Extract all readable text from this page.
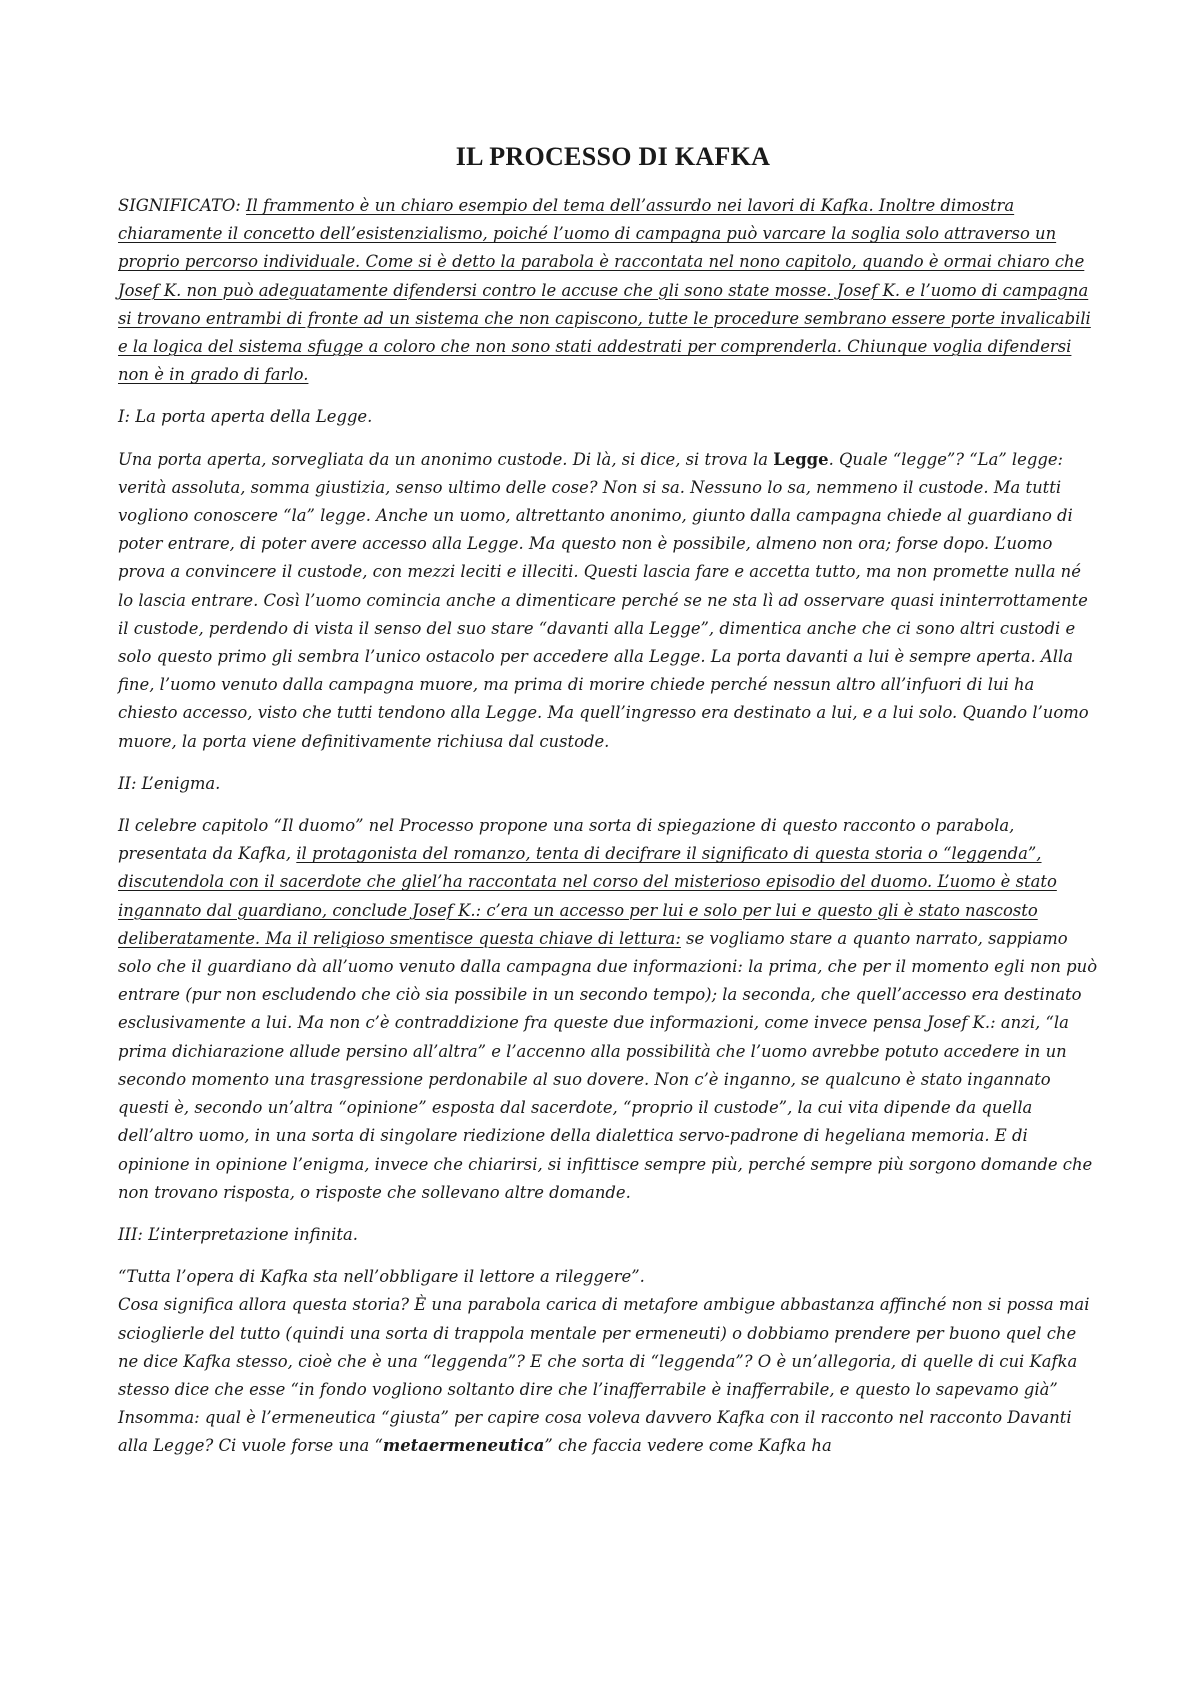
IL PROCESSO DI KAFKA

SIGNIFICATO: Il frammento è un chiaro esempio del tema dell’assurdo nei lavori di Kafka. Inoltre dimostra chiaramente il concetto dell’esistenzialismo, poiché l’uomo di campagna può varcare la soglia solo attraverso un proprio percorso individuale. Come si è detto la parabola è raccontata nel nono capitolo, quando è ormai chiaro che Josef K. non può adeguatamente difendersi contro le accuse che gli sono state mosse. Josef K. e l’uomo di campagna si trovano entrambi di fronte ad un sistema che non capiscono, tutte le procedure sembrano essere porte invalicabili e la logica del sistema sfugge a coloro che non sono stati addestrati per comprenderla. Chiunque voglia difendersi non è in grado di farlo.

I: La porta aperta della Legge.

Una porta aperta, sorvegliata da un anonimo custode. Di là, si dice, si trova la Legge. Quale “legge”? “La” legge: verità assoluta, somma giustizia, senso ultimo delle cose? Non si sa. Nessuno lo sa, nemmeno il custode. Ma tutti vogliono conoscere “la” legge. Anche un uomo, altrettanto anonimo, giunto dalla campagna chiede al guardiano di poter entrare, di poter avere accesso alla Legge. Ma questo non è possibile, almeno non ora; forse dopo. L’uomo prova a convincere il custode, con mezzi leciti e illeciti. Questi lascia fare e accetta tutto, ma non promette nulla né lo lascia entrare. Così l’uomo comincia anche a dimenticare perché se ne sta lì ad osservare quasi ininterrottamente il custode, perdendo di vista il senso del suo stare “davanti alla Legge”, dimentica anche che ci sono altri custodi e solo questo primo gli sembra l’unico ostacolo per accedere alla Legge. La porta davanti a lui è sempre aperta. Alla fine, l’uomo venuto dalla campagna muore, ma prima di morire chiede perché nessun altro all’infuori di lui ha chiesto accesso, visto che tutti tendono alla Legge. Ma quell’ingresso era destinato a lui, e a lui solo. Quando l’uomo muore, la porta viene definitivamente richiusa dal custode.

II: L’enigma.

Il celebre capitolo “Il duomo” nel Processo propone una sorta di spiegazione di questo racconto o parabola, presentata da Kafka, il protagonista del romanzo, tenta di decifrare il significato di questa storia o “leggenda”, discutendola con il sacerdote che gliel’ha raccontata nel corso del misterioso episodio del duomo. L’uomo è stato ingannato dal guardiano, conclude Josef K.: c’era un accesso per lui e solo per lui e questo gli è stato nascosto deliberatamente. Ma il religioso smentisce questa chiave di lettura: se vogliamo stare a quanto narrato, sappiamo solo che il guardiano dà all’uomo venuto dalla campagna due informazioni: la prima, che per il momento egli non può entrare (pur non escludendo che ciò sia possibile in un secondo tempo); la seconda, che quell’accesso era destinato esclusivamente a lui. Ma non c’è contraddizione fra queste due informazioni, come invece pensa Josef K.: anzi, “la prima dichiarazione allude persino all’altra” e l’accenno alla possibilità che l’uomo avrebbe potuto accedere in un secondo momento una trasgressione perdonabile al suo dovere. Non c’è inganno, se qualcuno è stato ingannato questi è, secondo un’altra “opinione” esposta dal sacerdote, “proprio il custode”, la cui vita dipende da quella dell’altro uomo, in una sorta di singolare riedizione della dialettica servo-padrone di hegeliana memoria. E di opinione in opinione l’enigma, invece che chiarirsi, si infittisce sempre più, perché sempre più sorgono domande che non trovano risposta, o risposte che sollevano altre domande.

III: L’interpretazione infinita.

“Tutta l’opera di Kafka sta nell’obbligare il lettore a rileggere”.
Cosa significa allora questa storia? È una parabola carica di metafore ambigue abbastanza affinché non si possa mai scioglierle del tutto (quindi una sorta di trappola mentale per ermeneuti) o dobbiamo prendere per buono quel che ne dice Kafka stesso, cioè che è una “leggenda”? E che sorta di “leggenda”? O è un’allegoria, di quelle di cui Kafka stesso dice che esse “in fondo vogliono soltanto dire che l’inafferrabile è inafferrabile, e questo lo sapevamo già”
Insomma: qual è l’ermeneutica “giusta” per capire cosa voleva davvero Kafka con il racconto nel racconto Davanti alla Legge? Ci vuole forse una “metaermeneutica” che faccia vedere come Kafka ha
